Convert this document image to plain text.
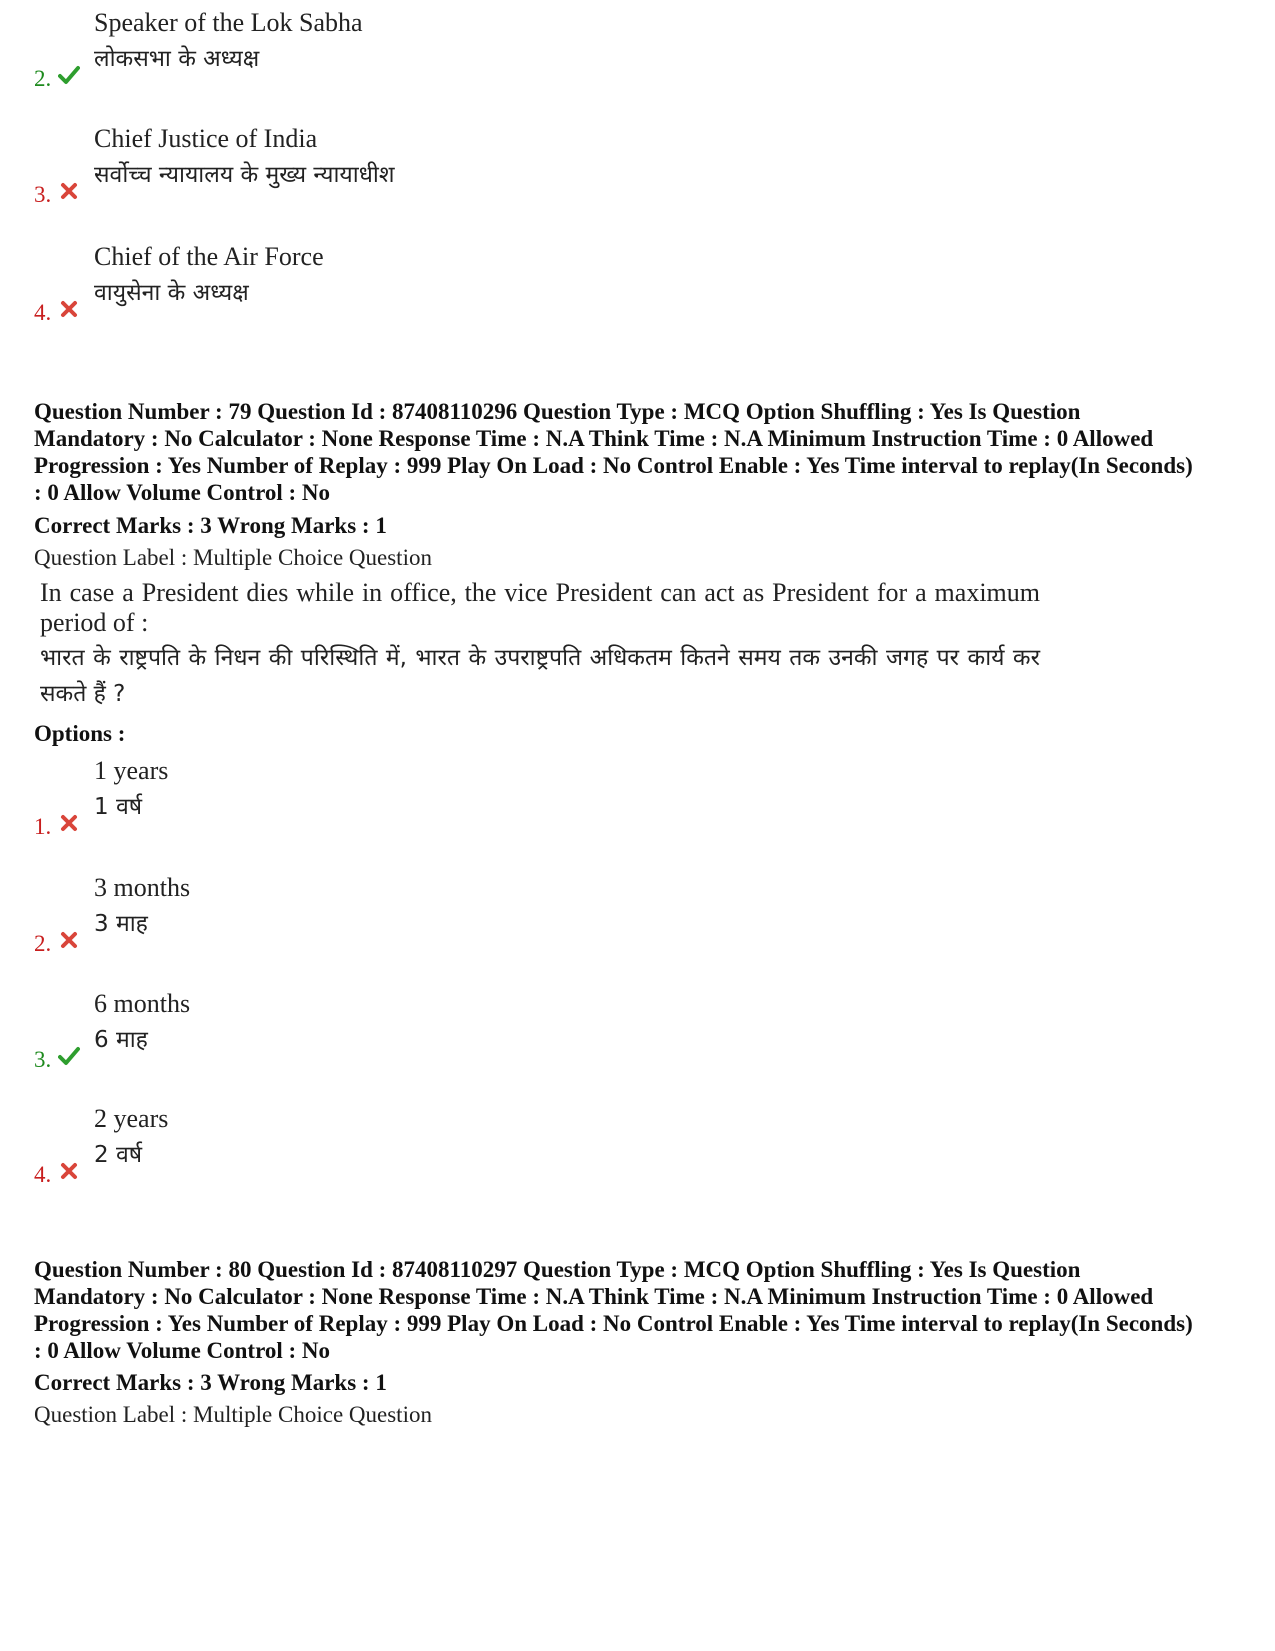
Speaker of the Lok Sabha
लोकसभा के अध्यक्ष
2.
Chief Justice of India
सर्वोच्च न्यायालय के मुख्य न्यायाधीश
3.
Chief of the Air Force
वायुसेना के अध्यक्ष
4.
Question Number : 79 Question Id : 87408110296 Question Type : MCQ Option Shuffling : Yes Is Question Mandatory : No Calculator : None Response Time : N.A Think Time : N.A Minimum Instruction Time : 0 Allowed Progression : Yes Number of Replay : 999 Play On Load : No Control Enable : Yes Time interval to replay(In Seconds) : 0 Allow Volume Control : No
Correct Marks : 3 Wrong Marks : 1
Question Label : Multiple Choice Question
In case a President dies while in office, the vice President can act as President for a maximum period of :
भारत के राष्ट्रपति के निधन की परिस्थिति में, भारत के उपराष्ट्रपति अधिकतम कितने समय तक उनकी जगह पर कार्य कर सकते हैं ?
Options :
1 years
1 वर्ष
1.
3 months
3 माह
2.
6 months
6 माह
3.
2 years
2 वर्ष
4.
Question Number : 80 Question Id : 87408110297 Question Type : MCQ Option Shuffling : Yes Is Question Mandatory : No Calculator : None Response Time : N.A Think Time : N.A Minimum Instruction Time : 0 Allowed Progression : Yes Number of Replay : 999 Play On Load : No Control Enable : Yes Time interval to replay(In Seconds) : 0 Allow Volume Control : No
Correct Marks : 3 Wrong Marks : 1
Question Label : Multiple Choice Question
